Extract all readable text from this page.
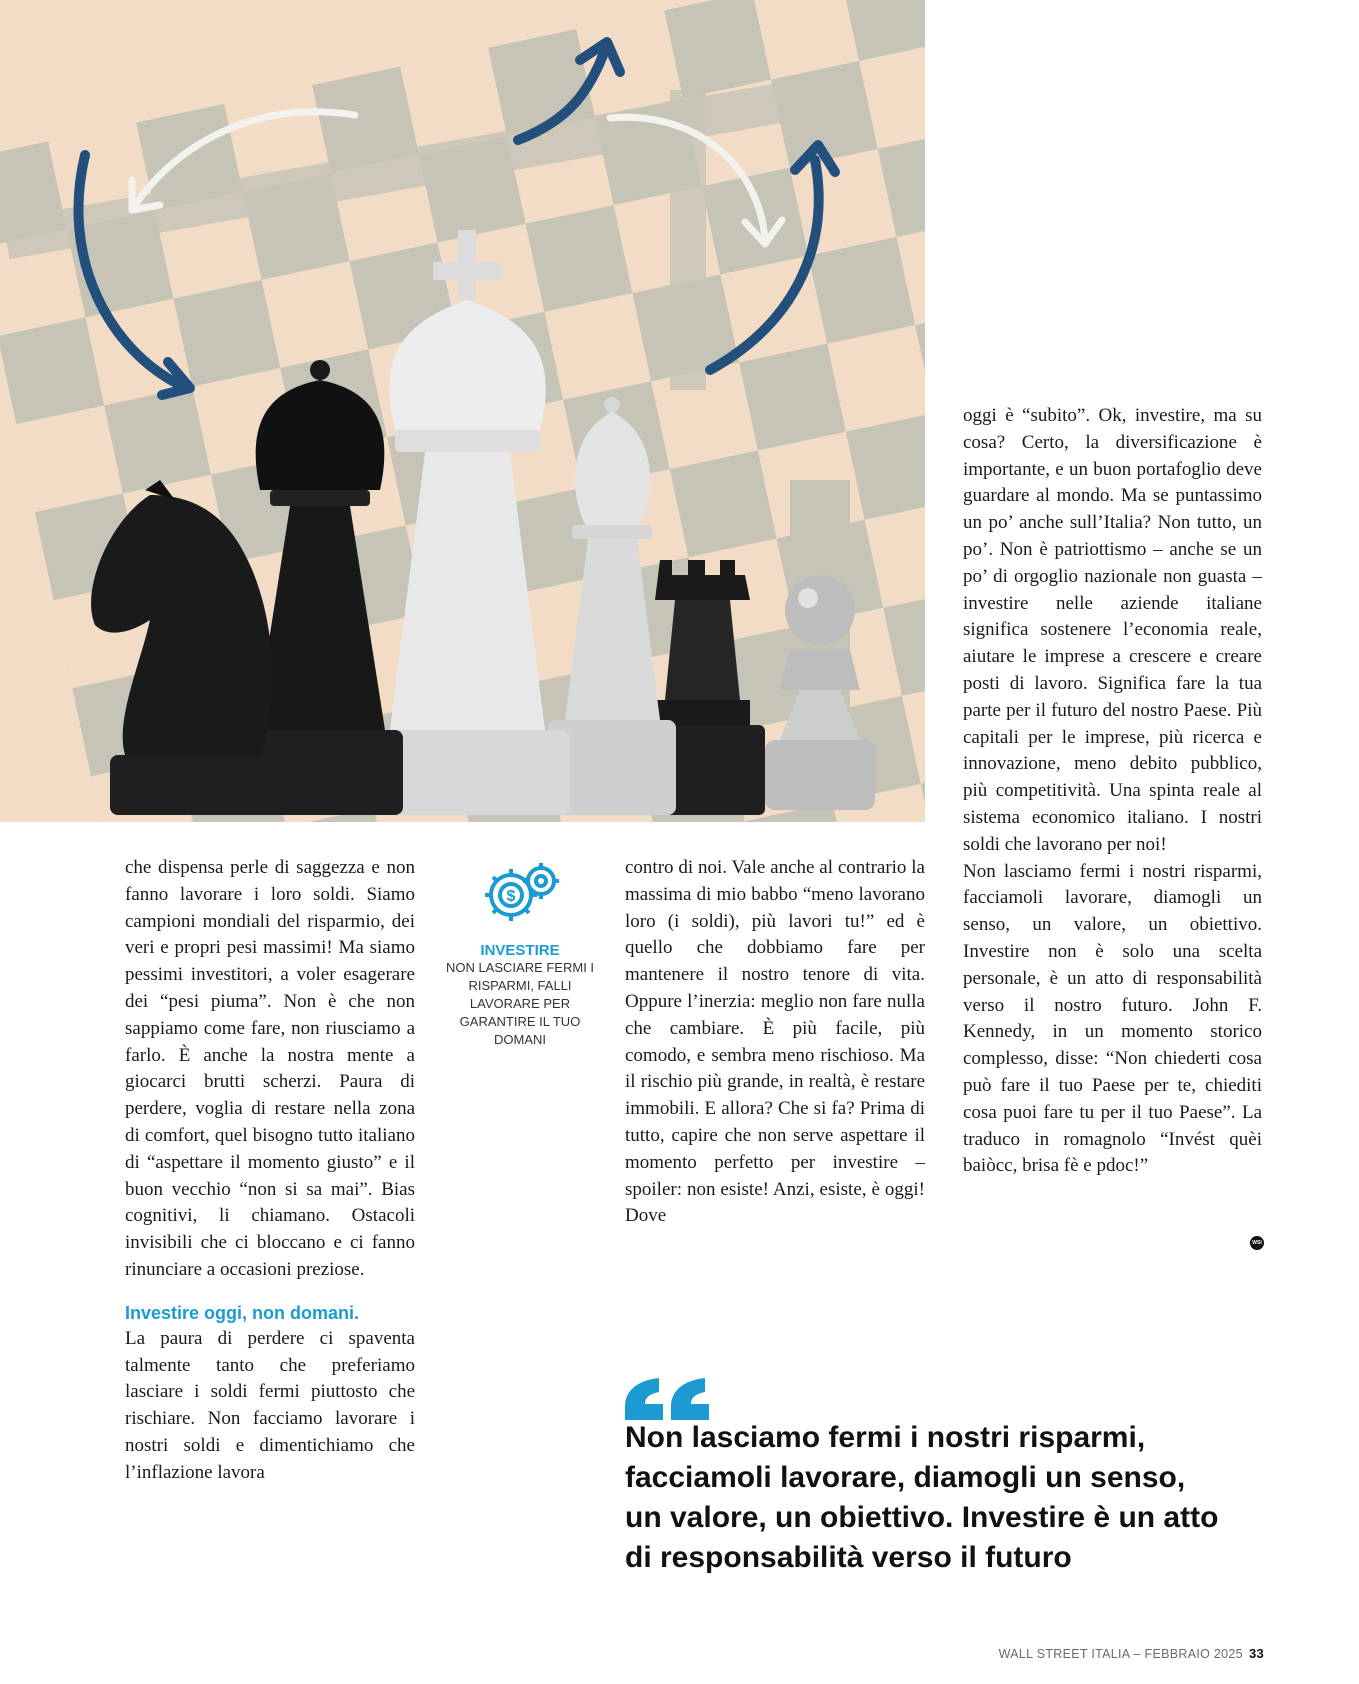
che dispensa perle di saggezza e non fanno lavorare i loro soldi. Siamo campioni mondiali del risparmio, dei veri e propri pesi massimi! Ma siamo pessimi investitori, a voler esagerare dei “pesi piuma”. Non è che non sappiamo come fare, non riusciamo a farlo. È anche la nostra mente a giocarci brutti scherzi. Paura di perdere, voglia di restare nella zona di comfort, quel bisogno tutto italiano di “aspettare il momento giusto” e il buon vecchio “non si sa mai”. Bias cognitivi, li chiamano. Ostacoli invisibili che ci bloccano e ci fanno rinunciare a occasioni preziose.

Investire oggi, non domani.

La paura di perdere ci spaventa talmente tanto che preferiamo lasciare i soldi fermi piuttosto che rischiare. Non facciamo lavorare i nostri soldi e dimentichiamo che l’inflazione lavora

$
INVESTIRE
NON LASCIARE FERMI I RISPARMI, FALLI LAVORARE PER GARANTIRE IL TUO DOMANI

contro di noi. Vale anche al contrario la massima di mio babbo “meno lavorano loro (i soldi), più lavori tu!” ed è quello che dobbiamo fare per mantenere il nostro tenore di vita. Oppure l’inerzia: meglio non fare nulla che cambiare. È più facile, più comodo, e sembra meno rischioso. Ma il rischio più grande, in realtà, è restare immobili. E allora? Che si fa? Prima di tutto, capire che non serve aspettare il momento perfetto per investire – spoiler: non esiste! Anzi, esiste, è oggi! Dove

oggi è “subito”. Ok, investire, ma su cosa? Certo, la diversificazione è importante, e un buon portafoglio deve guardare al mondo. Ma se puntassimo un po’ anche sull’Italia? Non tutto, un po’. Non è patriottismo – anche se un po’ di orgoglio nazionale non guasta – investire nelle aziende italiane significa sostenere l’economia reale, aiutare le imprese a crescere e creare posti di lavoro. Significa fare la tua parte per il futuro del nostro Paese. Più capitali per le imprese, più ricerca e innovazione, meno debito pubblico, più competitività. Una spinta reale al sistema economico italiano. I nostri soldi che lavorano per noi!

Non lasciamo fermi i nostri risparmi, facciamoli lavorare, diamogli un senso, un valore, un obiettivo. Investire non è solo una scelta personale, è un atto di responsabilità verso il nostro futuro. John F. Kennedy, in un momento storico complesso, disse: “Non chiederti cosa può fare il tuo Paese per te, chiediti cosa puoi fare tu per il tuo Paese”. La traduco in romagnolo “Invést quèi baiòcc, brisa fè e pdoc!”

WSI
Non lasciamo fermi i nostri risparmi, facciamoli lavorare, diamogli un senso, un valore, un obiettivo. Investire è un atto di responsabilità verso il futuro
WALL STREET ITALIA – FEBBRAIO 2025 33
